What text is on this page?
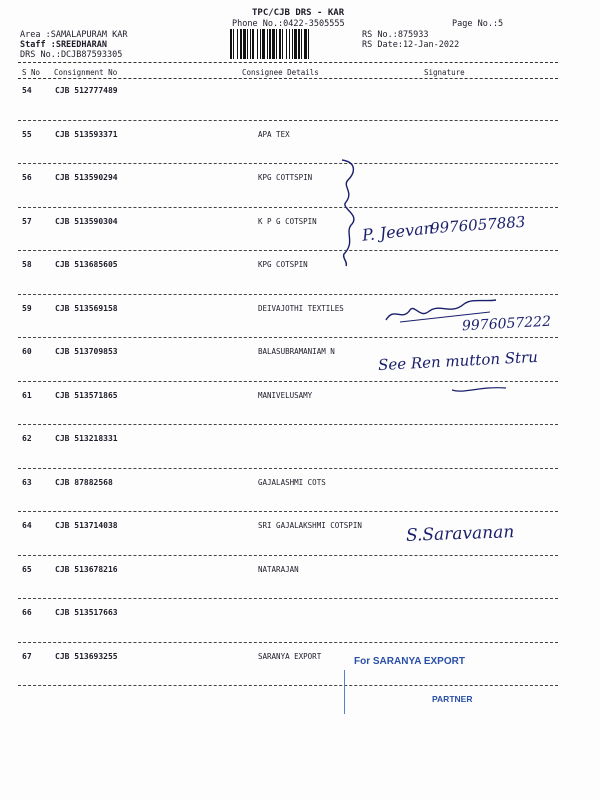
TPC/CJB DRS - KAR
Phone No.:0422-3505555	Page No.:5
Area :SAMALAPURAM KAR
Staff :SREEDHARAN
DRS No.:DCJB87593305
RS No.:875933
RS Date:12-Jan-2022
S No Consignment No	Consignee Details	Signature
54	CJB 512777489
55	CJB 513593371	APA TEX
56	CJB 513590294	KPG COTTSPIN
57	CJB 513590304	K P G COTSPIN
58	CJB 513685605	KPG COTSPIN
59	CJB 513569158	DEIVAJOTHI TEXTILES
60	CJB 513709853	BALASUBRAMANIAM N
61	CJB 513571865	MANIVELUSAMY
62	CJB 513218331
63	CJB 87882568	GAJALASHMI COTS
64	CJB 513714038	SRI GAJALAKSHMI COTSPIN
65	CJB 513678216	NATARAJAN
66	CJB 513517663
67	CJB 513693255	SARANYA EXPORT
P. Jeevan
9976057883
9976057222
See Ren mutton Stru
S.Saravanan
For SARANYA EXPORT
PARTNER
